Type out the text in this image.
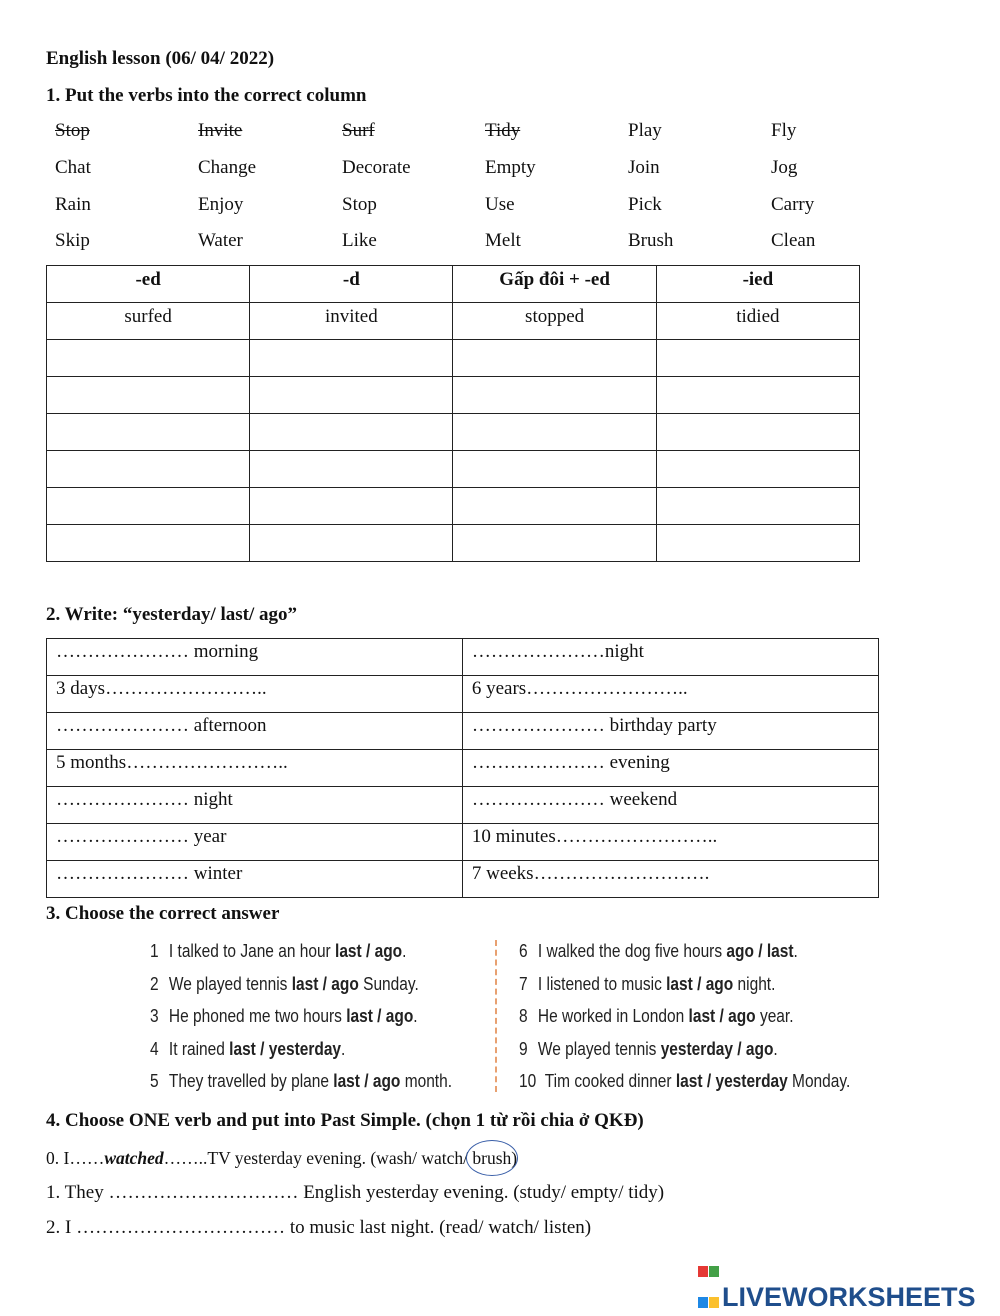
English lesson (06/ 04/ 2022)
1. Put the verbs into the correct column
Stop	Invite	Surf	Tidy	Play	Fly
Chat	Change	Decorate	Empty	Join	Jog
Rain	Enjoy	Stop	Use	Pick	Carry
Skip	Water	Like	Melt	Brush	Clean
-ed	-d	Gấp đôi + -ed	-ied
surfed	invited	stopped	tidied

2. Write: “yesterday/ last/ ago”
………………… morning	…………………night
3 days……………………..	6 years……………………..
………………… afternoon	………………… birthday party
5 months……………………..	………………… evening
………………… night	………………… weekend
………………… year	10 minutes……………………..
………………… winter	7 weeks……………………….
3. Choose the correct answer
1 I talked to Jane an hour last / ago.
2 We played tennis last / ago Sunday.
3 He phoned me two hours last / ago.
4 It rained last / yesterday.
5 They travelled by plane last / ago month.
6 I walked the dog five hours ago / last.
7 I listened to music last / ago night.
8 He worked in London last / ago year.
9 We played tennis yesterday / ago.
10 Tim cooked dinner last / yesterday Monday.
4. Choose ONE verb and put into Past Simple. (chọn 1 từ rồi chia ở QKĐ)
0. I……watched……..TV yesterday evening. (wash/ watch/ brush)
1. They ………………………… English yesterday evening. (study/ empty/ tidy)
2. I …………………………… to music last night. (read/ watch/ listen)

LIVEWORKSHEETS
